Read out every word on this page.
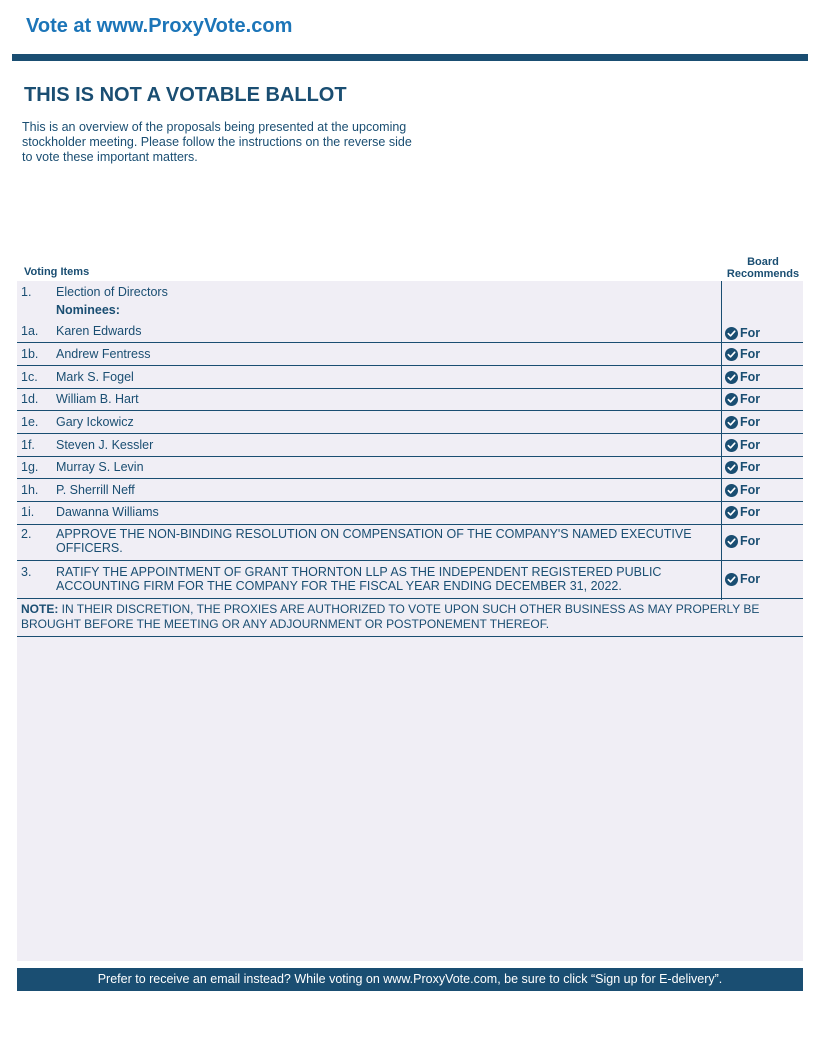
Vote at www.ProxyVote.com
THIS IS NOT A VOTABLE BALLOT
This is an overview of the proposals being presented at the upcoming stockholder meeting. Please follow the instructions on the reverse side to vote these important matters.
Voting Items
Board
Recommends
1. Election of Directors
Nominees:
1a. Karen Edwards	For
1b. Andrew Fentress	For
1c. Mark S. Fogel	For
1d. William B. Hart	For
1e. Gary Ickowicz	For
1f. Steven J. Kessler	For
1g. Murray S. Levin	For
1h. P. Sherrill Neff	For
1i. Dawanna Williams	For
2. APPROVE THE NON-BINDING RESOLUTION ON COMPENSATION OF THE COMPANY'S NAMED EXECUTIVE OFFICERS.	For
3. RATIFY THE APPOINTMENT OF GRANT THORNTON LLP AS THE INDEPENDENT REGISTERED PUBLIC ACCOUNTING FIRM FOR THE COMPANY FOR THE FISCAL YEAR ENDING DECEMBER 31, 2022.	For
NOTE: IN THEIR DISCRETION, THE PROXIES ARE AUTHORIZED TO VOTE UPON SUCH OTHER BUSINESS AS MAY PROPERLY BE BROUGHT BEFORE THE MEETING OR ANY ADJOURNMENT OR POSTPONEMENT THEREOF.
Prefer to receive an email instead? While voting on www.ProxyVote.com, be sure to click “Sign up for E-delivery”.
